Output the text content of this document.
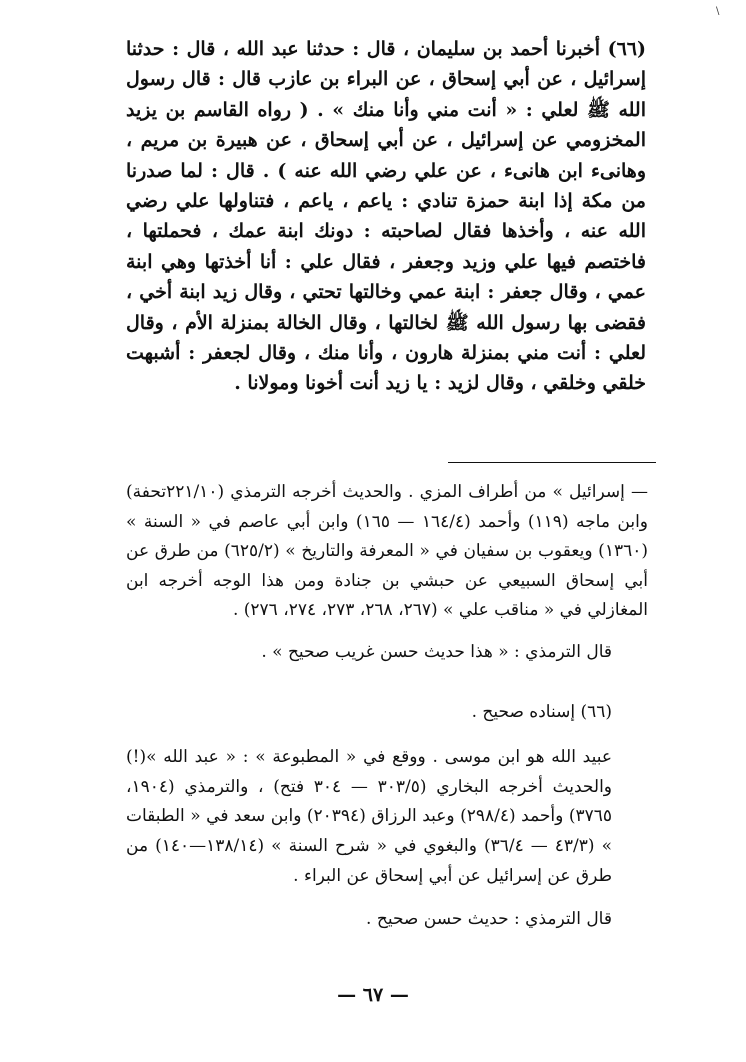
\

(٦٦) أخبرنا أحمد بن سليمان ، قال : حدثنا عبد الله ، قال : حدثنا إسرائيل ، عن أبي إسحاق ، عن البراء بن عازب قال : قال رسول الله ﷺ لعلي : « أنت مني وأنا منك » . ( رواه القاسم بن يزيد المخزومي عن إسرائيل ، عن أبي إسحاق ، عن هبيرة بن مريم ، وهانىء ابن هانىء ، عن علي رضي الله عنه ) . قال : لما صدرنا من مكة إذا ابنة حمزة تنادي : ياعم ، ياعم ، فتناولها علي رضي الله عنه ، وأخذها فقال لصاحبته : دونك ابنة عمك ، فحملتها ، فاختصم فيها علي وزيد وجعفر ، فقال علي : أنا أخذتها وهي ابنة عمي ، وقال جعفر : ابنة عمي وخالتها تحتي ، وقال زيد ابنة أخي ، فقضى بها رسول الله ﷺ لخالتها ، وقال الخالة بمنزلة الأم ، وقال لعلي : أنت مني بمنزلة هارون ، وأنا منك ، وقال لجعفر : أشبهت خلقي وخلقي ، وقال لزيد : يا زيد أنت أخونا ومولانا .

— إسرائيل » من أطراف المزي . والحديث أخرجه الترمذي (٢٢١/١٠تحفة) وابن ماجه (١١٩) وأحمد (١٦٤/٤ — ١٦٥) وابن أبي عاصم في « السنة » (١٣٦٠) ويعقوب بن سفيان في « المعرفة والتاريخ » (٦٢٥/٢) من طرق عن أبي إسحاق السبيعي عن حبشي بن جنادة ومن هذا الوجه أخرجه ابن المغازلي في « مناقب علي » (٢٦٧، ٢٦٨، ٢٧٣، ٢٧٤، ٢٧٦) .

قال الترمذي : « هذا حديث حسن غريب صحيح » .

(٦٦) إسناده صحيح .

عبيد الله هو ابن موسى . ووقع في « المطبوعة » : « عبد الله »(!) والحديث أخرجه البخاري (٣٠٣/٥ — ٣٠٤ فتح) ، والترمذي (١٩٠٤، ٣٧٦٥) وأحمد (٢٩٨/٤) وعبد الرزاق (٢٠٣٩٤) وابن سعد في « الطبقات » (٤٣/٣ — ٣٦/٤) والبغوي في « شرح السنة » (١٣٨/١٤—١٤٠) من طرق عن إسرائيل عن أبي إسحاق عن البراء .

قال الترمذي : حديث حسن صحيح .

— ٦٧ —
